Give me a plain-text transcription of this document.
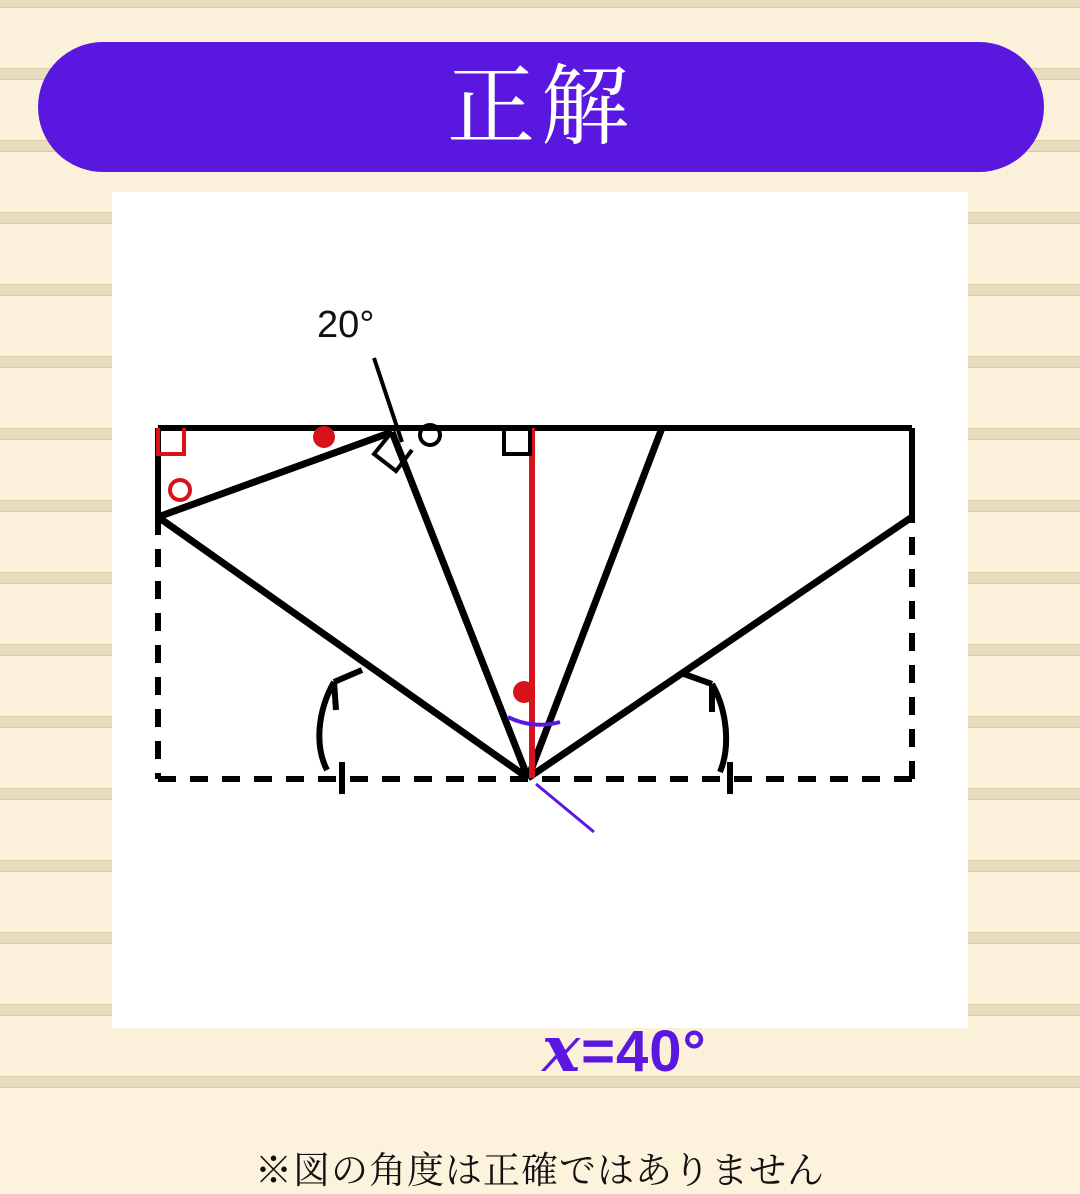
正解
20°
x=40°
※図の角度は正確ではありません
